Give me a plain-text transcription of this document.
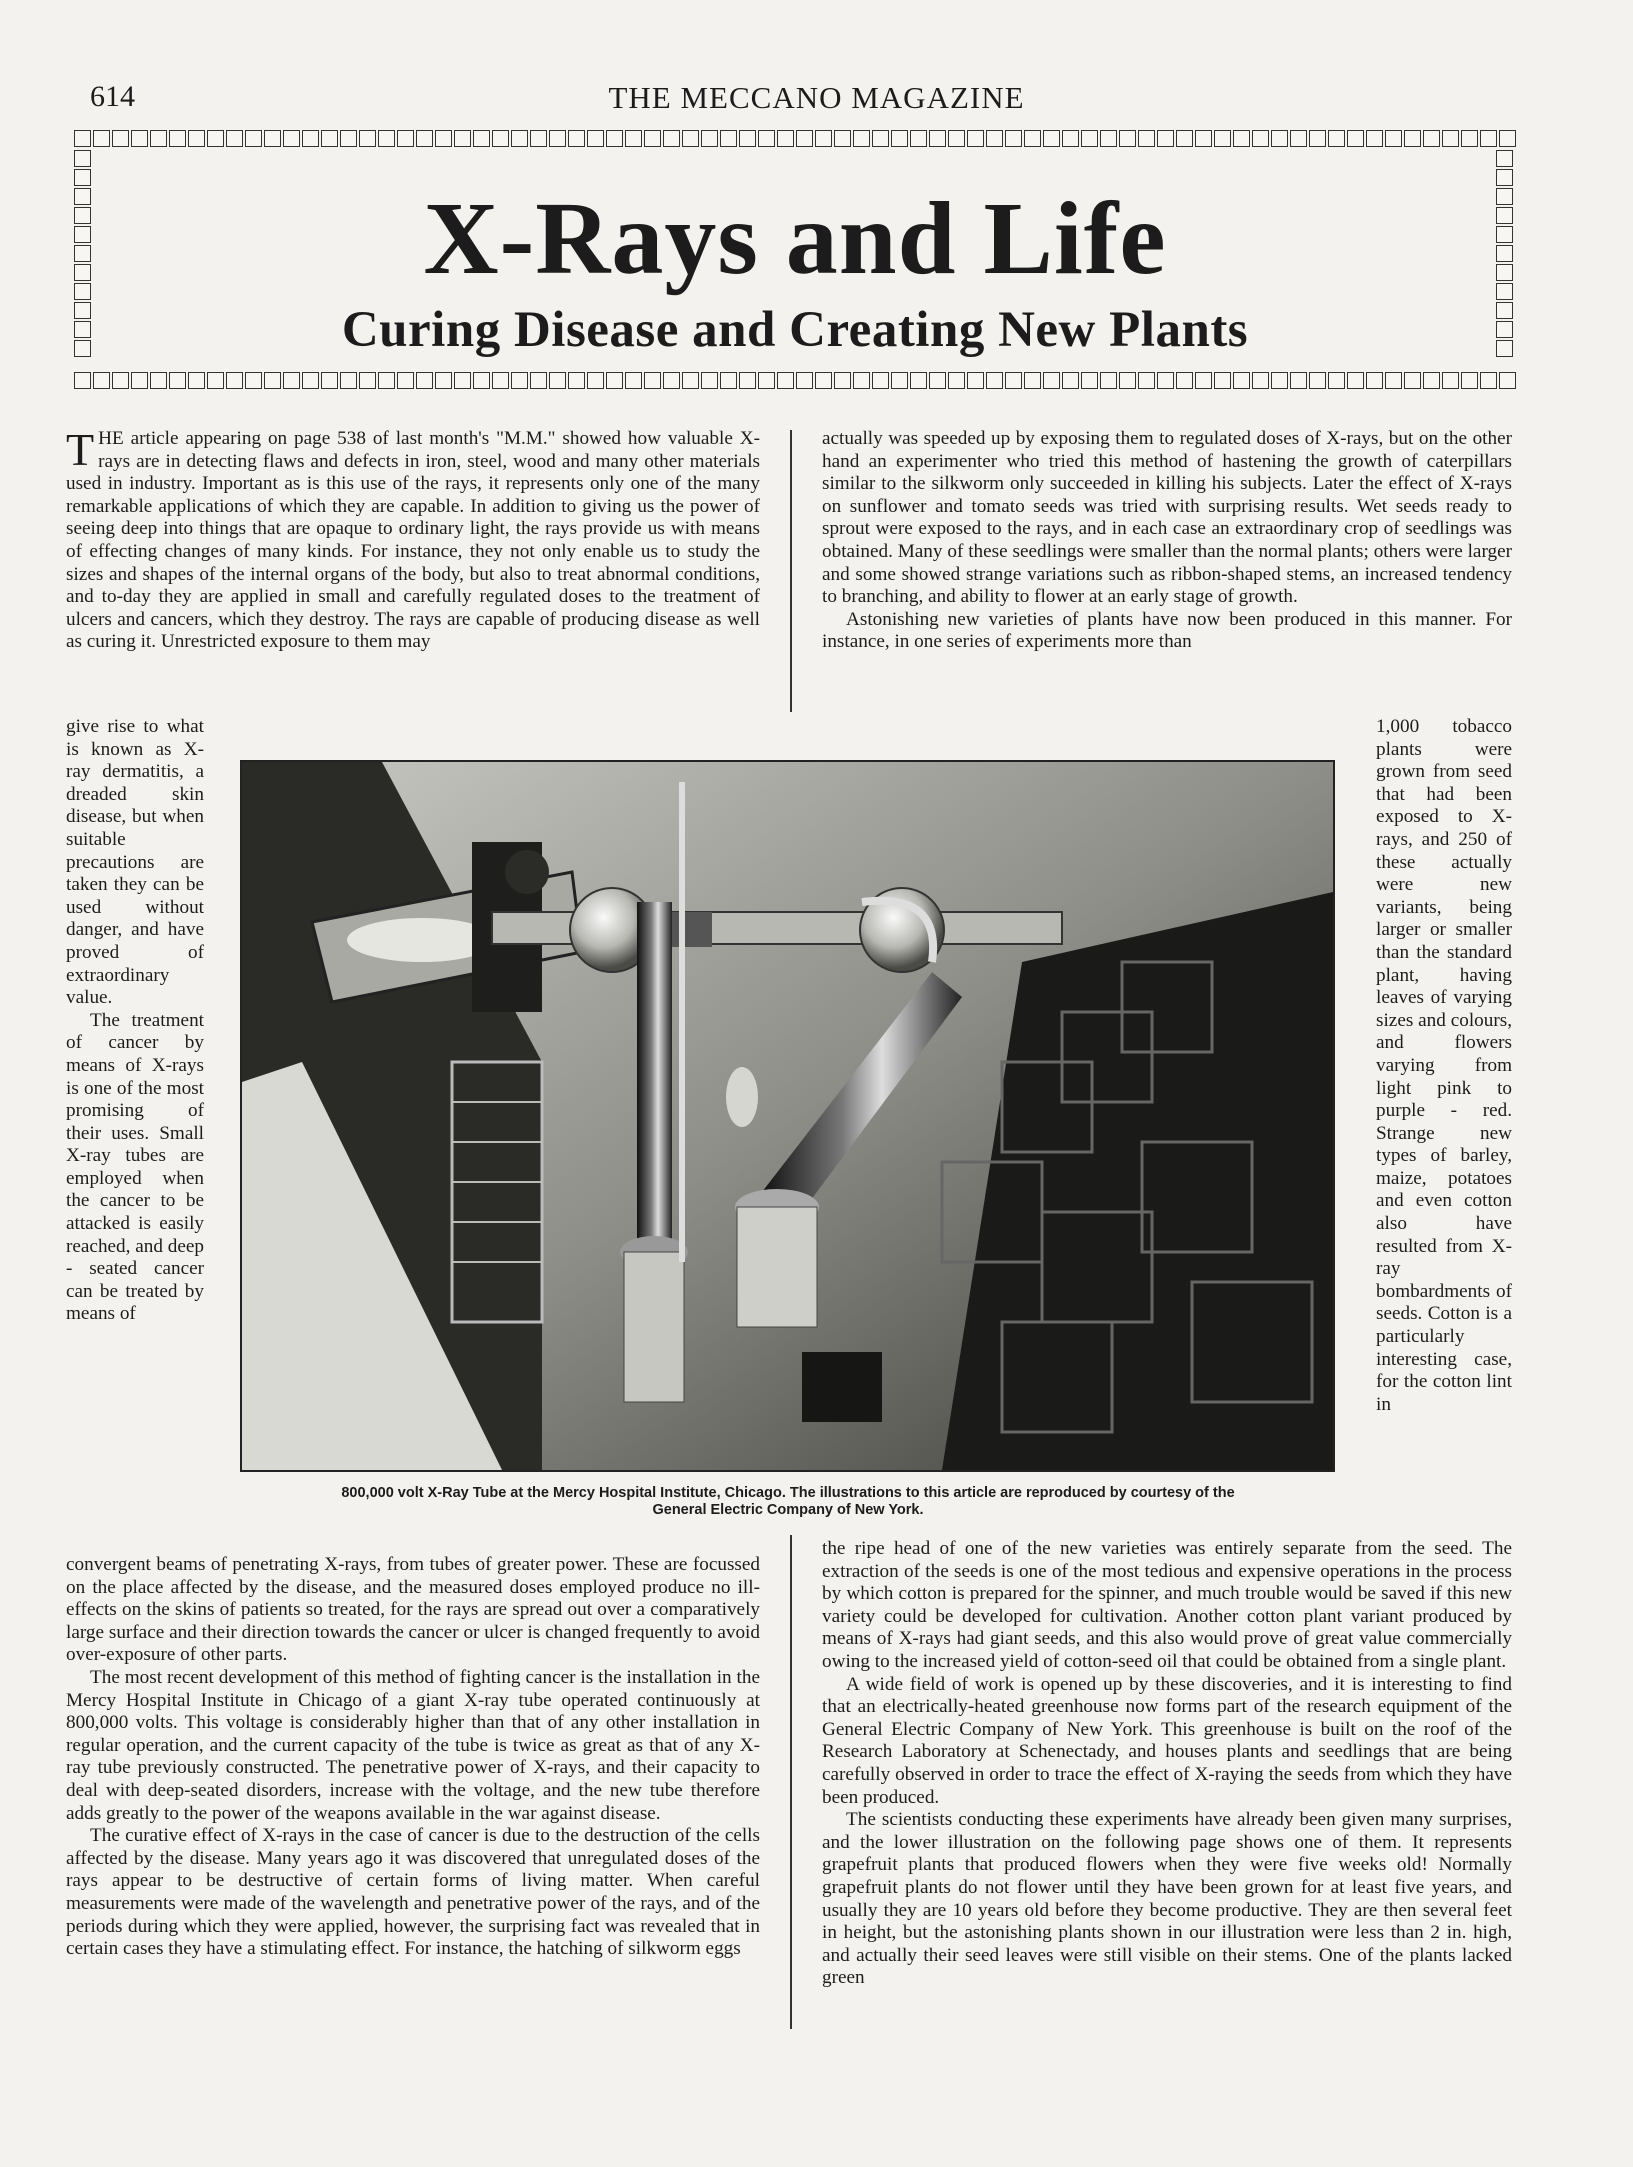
614	THE MECCANO MAGAZINE
X-Rays and Life
Curing Disease and Creating New Plants

THE article appearing on page 538 of last month's "M.M." showed how valuable X-rays are in detecting flaws and defects in iron, steel, wood and many other materials used in industry. Important as is this use of the rays, it represents only one of the many remarkable applications of which they are capable. In addition to giving us the power of seeing deep into things that are opaque to ordinary light, the rays provide us with means of effecting changes of many kinds. For instance, they not only enable us to study the sizes and shapes of the internal organs of the body, but also to treat abnormal conditions, and to-day they are applied in small and carefully regulated doses to the treatment of ulcers and cancers, which they destroy. The rays are capable of producing disease as well as curing it. Unrestricted exposure to them may

give rise to what is known as X-ray dermatitis, a dreaded skin disease, but when suitable precautions are taken they can be used without danger, and have proved of extraordinary value.

The treatment of cancer by means of X-rays is one of the most promising of their uses. Small X-ray tubes are employed when the cancer to be attacked is easily reached, and deep - seated cancer can be treated by means of

convergent beams of penetrating X-rays, from tubes of greater power. These are focussed on the place affected by the disease, and the measured doses employed produce no ill-effects on the skins of patients so treated, for the rays are spread out over a comparatively large surface and their direction towards the cancer or ulcer is changed frequently to avoid over-exposure of other parts.

The most recent development of this method of fighting cancer is the installation in the Mercy Hospital Institute in Chicago of a giant X-ray tube operated continuously at 800,000 volts. This voltage is considerably higher than that of any other installation in regular operation, and the current capacity of the tube is twice as great as that of any X-ray tube previously constructed. The penetrative power of X-rays, and their capacity to deal with deep-seated disorders, increase with the voltage, and the new tube therefore adds greatly to the power of the weapons available in the war against disease.

The curative effect of X-rays in the case of cancer is due to the destruction of the cells affected by the disease. Many years ago it was discovered that unregulated doses of the rays appear to be destructive of certain forms of living matter. When careful measurements were made of the wavelength and penetrative power of the rays, and of the periods during which they were applied, however, the surprising fact was revealed that in certain cases they have a stimulating effect. For instance, the hatching of silkworm eggs

actually was speeded up by exposing them to regulated doses of X-rays, but on the other hand an experimenter who tried this method of hastening the growth of caterpillars similar to the silkworm only succeeded in killing his subjects. Later the effect of X-rays on sunflower and tomato seeds was tried with surprising results. Wet seeds ready to sprout were exposed to the rays, and in each case an extraordinary crop of seedlings was obtained. Many of these seedlings were smaller than the normal plants; others were larger and some showed strange variations such as ribbon-shaped stems, an increased tendency to branching, and ability to flower at an early stage of growth.

Astonishing new varieties of plants have now been produced in this manner. For instance, in one series of experiments more than

1,000 tobacco plants were grown from seed that had been exposed to X-rays, and 250 of these actually were new variants, being larger or smaller than the standard plant, having leaves of varying sizes and colours, and flowers varying from light pink to purple - red. Strange new types of barley, maize, potatoes and even cotton also have resulted from X-ray bombardments of seeds. Cotton is a particularly interesting case, for the cotton lint in

the ripe head of one of the new varieties was entirely separate from the seed. The extraction of the seeds is one of the most tedious and expensive operations in the process by which cotton is prepared for the spinner, and much trouble would be saved if this new variety could be developed for cultivation. Another cotton plant variant produced by means of X-rays had giant seeds, and this also would prove of great value commercially owing to the increased yield of cotton-seed oil that could be obtained from a single plant.

A wide field of work is opened up by these discoveries, and it is interesting to find that an electrically-heated greenhouse now forms part of the research equipment of the General Electric Company of New York. This greenhouse is built on the roof of the Research Laboratory at Schenectady, and houses plants and seedlings that are being carefully observed in order to trace the effect of X-raying the seeds from which they have been produced.

The scientists conducting these experiments have already been given many surprises, and the lower illustration on the following page shows one of them. It represents grapefruit plants that produced flowers when they were five weeks old! Normally grapefruit plants do not flower until they have been grown for at least five years, and usually they are 10 years old before they become productive. They are then several feet in height, but the astonishing plants shown in our illustration were less than 2 in. high, and actually their seed leaves were still visible on their stems. One of the plants lacked green

800,000 volt X-Ray Tube at the Mercy Hospital Institute, Chicago. The illustrations to this article are reproduced by courtesy of the
General Electric Company of New York.
